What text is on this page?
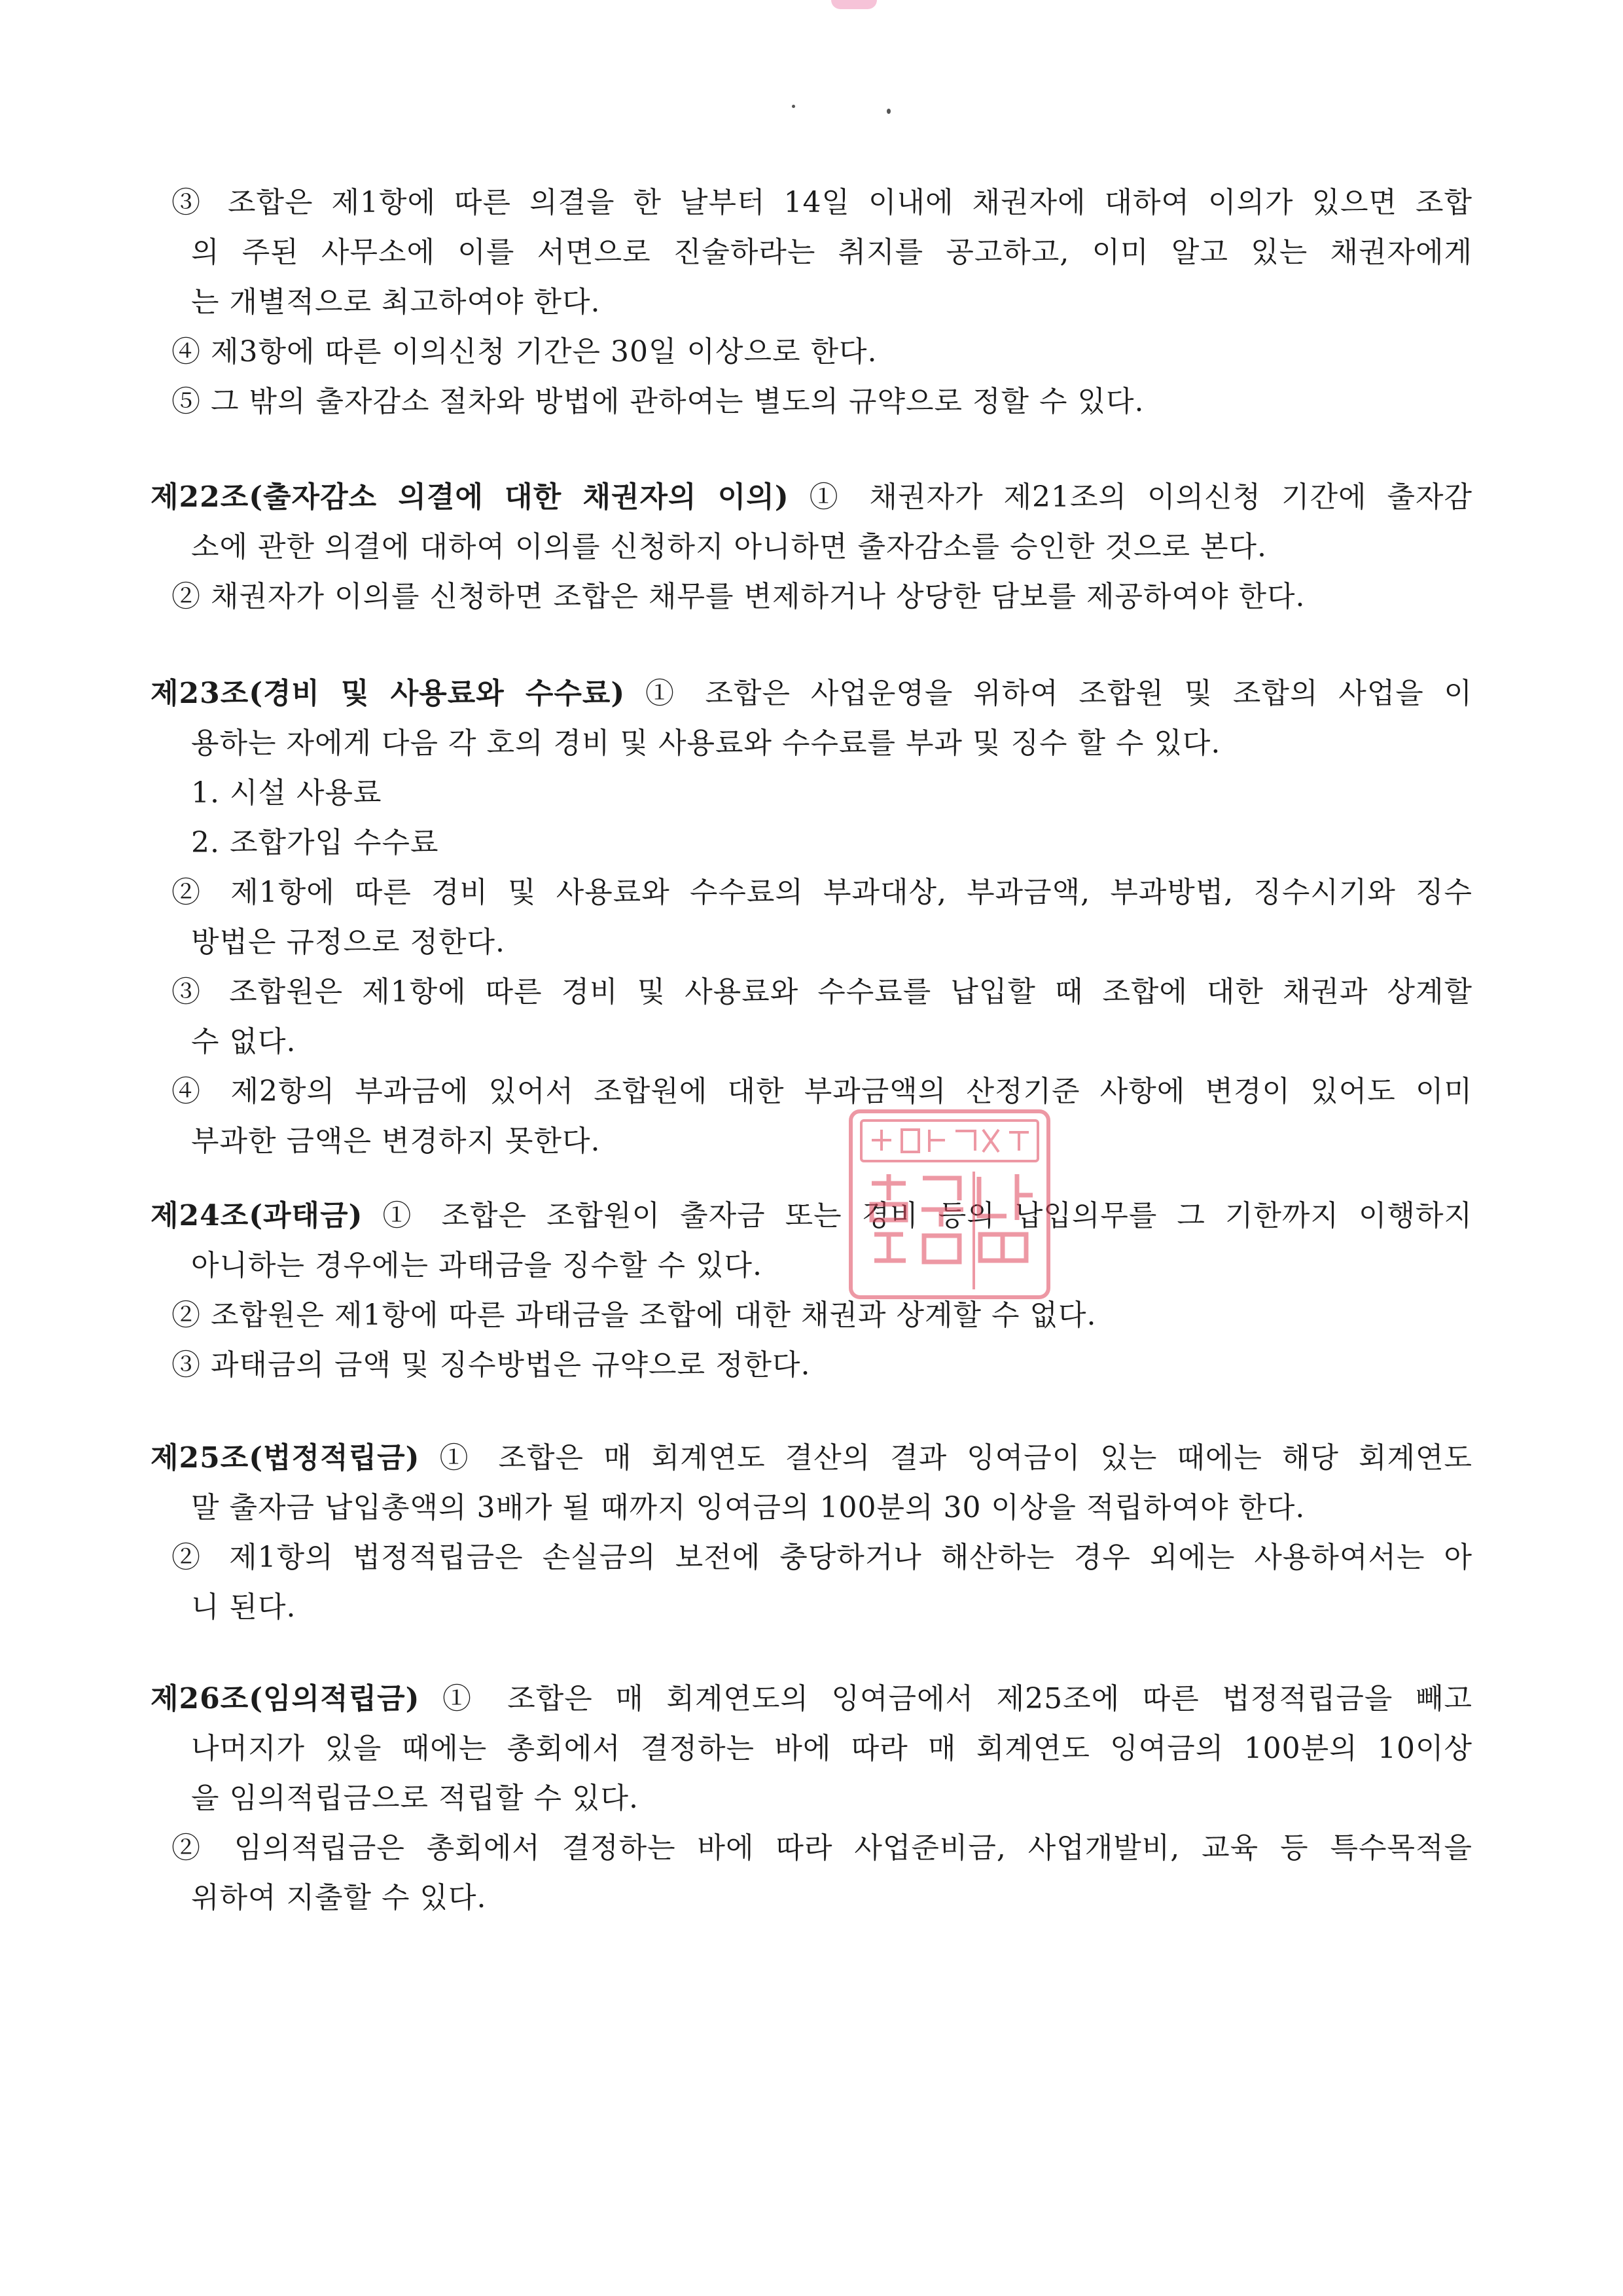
③ 조합은 제1항에 따른 의결을 한 날부터 14일 이내에 채권자에 대하여 이의가 있으면 조합
의 주된 사무소에 이를 서면으로 진술하라는 취지를 공고하고, 이미 알고 있는 채권자에게
는 개별적으로 최고하여야 한다.
④ 제3항에 따른 이의신청 기간은 30일 이상으로 한다.
⑤ 그 밖의 출자감소 절차와 방법에 관하여는 별도의 규약으로 정할 수 있다.
제22조(출자감소 의결에 대한 채권자의 이의) ① 채권자가 제21조의 이의신청 기간에 출자감
소에 관한 의결에 대하여 이의를 신청하지 아니하면 출자감소를 승인한 것으로 본다.
② 채권자가 이의를 신청하면 조합은 채무를 변제하거나 상당한 담보를 제공하여야 한다.
제23조(경비 및 사용료와 수수료) ① 조합은 사업운영을 위하여 조합원 및 조합의 사업을 이
용하는 자에게 다음 각 호의 경비 및 사용료와 수수료를 부과 및 징수 할 수 있다.
1. 시설 사용료
2. 조합가입 수수료
② 제1항에 따른 경비 및 사용료와 수수료의 부과대상, 부과금액, 부과방법, 징수시기와 징수
방법은 규정으로 정한다.
③ 조합원은 제1항에 따른 경비 및 사용료와 수수료를 납입할 때 조합에 대한 채권과 상계할
수 없다.
④ 제2항의 부과금에 있어서 조합원에 대한 부과금액의 산정기준 사항에 변경이 있어도 이미
부과한 금액은 변경하지 못한다.
제24조(과태금) ① 조합은 조합원이 출자금 또는 경비 등의 납입의무를 그 기한까지 이행하지
아니하는 경우에는 과태금을 징수할 수 있다.
② 조합원은 제1항에 따른 과태금을 조합에 대한 채권과 상계할 수 없다.
③ 과태금의 금액 및 징수방법은 규약으로 정한다.
제25조(법정적립금) ① 조합은 매 회계연도 결산의 결과 잉여금이 있는 때에는 해당 회계연도
말 출자금 납입총액의 3배가 될 때까지 잉여금의 100분의 30 이상을 적립하여야 한다.
② 제1항의 법정적립금은 손실금의 보전에 충당하거나 해산하는 경우 외에는 사용하여서는 아
니 된다.
제26조(임의적립금) ① 조합은 매 회계연도의 잉여금에서 제25조에 따른 법정적립금을 빼고
나머지가 있을 때에는 총회에서 결정하는 바에 따라 매 회계연도 잉여금의 100분의 10이상
을 임의적립금으로 적립할 수 있다.
② 임의적립금은 총회에서 결정하는 바에 따라 사업준비금, 사업개발비, 교육 등 특수목적을
위하여 지출할 수 있다.
